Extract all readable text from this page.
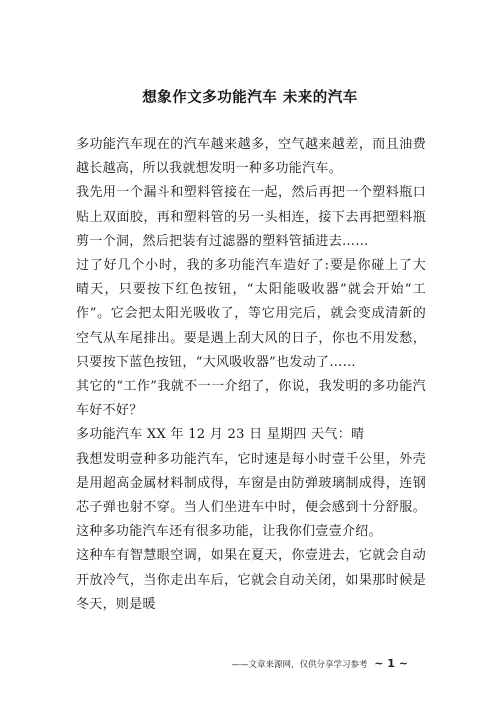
想象作文多功能汽车 未来的汽车

多功能汽车现在的汽车越来越多，空气越来越差，而且油费越长越高，所以我就想发明一种多功能汽车。

我先用一个漏斗和塑料管接在一起，然后再把一个塑料瓶口贴上双面胶，再和塑料管的另一头相连，接下去再把塑料瓶剪一个洞，然后把装有过滤器的塑料管插进去……

过了好几个小时，我的多功能汽车造好了:要是你碰上了大晴天，只要按下红色按钮，“太阳能吸收器”就会开始“工作”。它会把太阳光吸收了，等它用完后，就会变成清新的空气从车尾排出。要是遇上刮大风的日子，你也不用发愁，只要按下蓝色按钮，“大风吸收器”也发动了……

其它的“工作”我就不一一介绍了，你说，我发明的多功能汽车好不好？

多功能汽车 XX 年 12 月 23 日 星期四 天气：晴

我想发明壹种多功能汽车，它时速是每小时壹千公里，外壳是用超高金属材料制成得，车窗是由防弹玻璃制成得，连钢芯子弹也射不穿。当人们坐进车中时，便会感到十分舒服。这种多功能汽车还有很多功能，让我你们壹壹介绍。

这种车有智慧眼空调，如果在夏天，你壹进去，它就会自动开放冷气，当你走出车后，它就会自动关闭，如果那时候是冬天，则是暖

——文章来源网，仅供分享学习参考 ~ 1 ~
